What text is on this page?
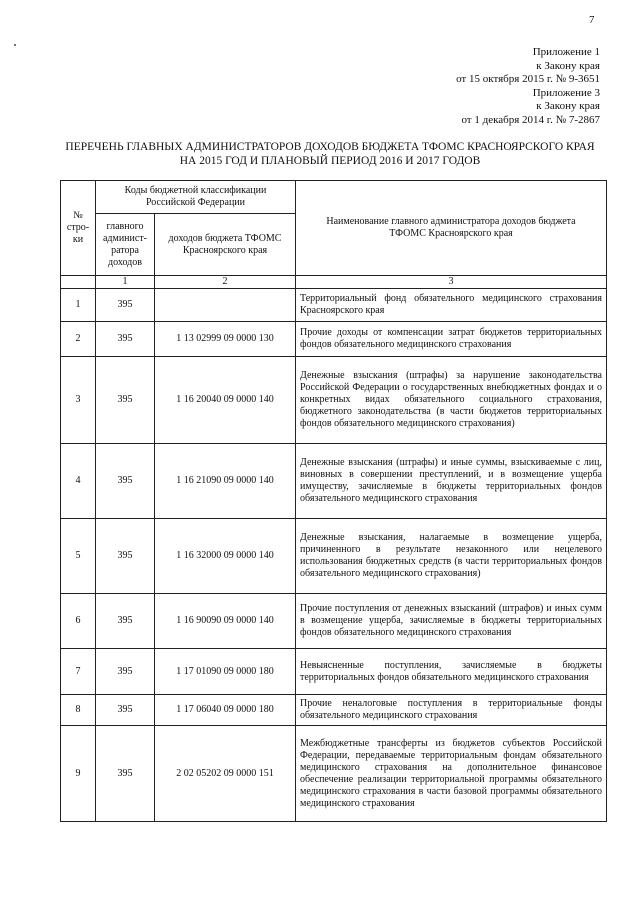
7
Приложение 1
к Закону края
от 15 октября 2015 г. № 9-3651
Приложение 3
к Закону края
от 1 декабря 2014 г. № 7-2867
ПЕРЕЧЕНЬ ГЛАВНЫХ АДМИНИСТРАТОРОВ ДОХОДОВ БЮДЖЕТА ТФОМС КРАСНОЯРСКОГО КРАЯ
НА 2015 ГОД И ПЛАНОВЫЙ ПЕРИОД 2016 И 2017 ГОДОВ
№ стро- ки	Коды бюджетной классификации Российской Федерации		Наименование главного администратора доходов бюджета ТФОМС Красноярского края
	главного админист- ратора доходов	доходов бюджета ТФОМС Красноярского края	
	1	2	3
1	395		Территориальный фонд обязательного медицинского страхования Красноярского края
2	395	1 13 02999 09 0000 130	Прочие доходы от компенсации затрат бюджетов территориальных фондов обязательного медицинского страхования
3	395	1 16 20040 09 0000 140	Денежные взыскания (штрафы) за нарушение законодательства Российской Федерации о государственных внебюджетных фондах и о конкретных видах обязательного социального страхования, бюджетного законодательства (в части бюджетов территориальных фондов обязательного медицинского страхования)
4	395	1 16 21090 09 0000 140	Денежные взыскания (штрафы) и иные суммы, взыскиваемые с лиц, виновных в совершении преступлений, и в возмещение ущерба имуществу, зачисляемые в бюджеты территориальных фондов обязательного медицинского страхования
5	395	1 16 32000 09 0000 140	Денежные взыскания, налагаемые в возмещение ущерба, причиненного в результате незаконного или нецелевого использования бюджетных средств (в части территориальных фондов обязательного медицинского страхования)
6	395	1 16 90090 09 0000 140	Прочие поступления от денежных взысканий (штрафов) и иных сумм в возмещение ущерба, зачисляемые в бюджеты территориальных фондов обязательного медицинского страхования
7	395	1 17 01090 09 0000 180	Невыясненные поступления, зачисляемые в бюджеты территориальных фондов обязательного медицинского страхования
8	395	1 17 06040 09 0000 180	Прочие неналоговые поступления в территориальные фонды обязательного медицинского страхования
9	395	2 02 05202 09 0000 151	Межбюджетные трансферты из бюджетов субъектов Российской Федерации, передаваемые территориальным фондам обязательного медицинского страхования на дополнительное финансовое обеспечение реализации территориальной программы обязательного медицинского страхования в части базовой программы обязательного медицинского страхования
